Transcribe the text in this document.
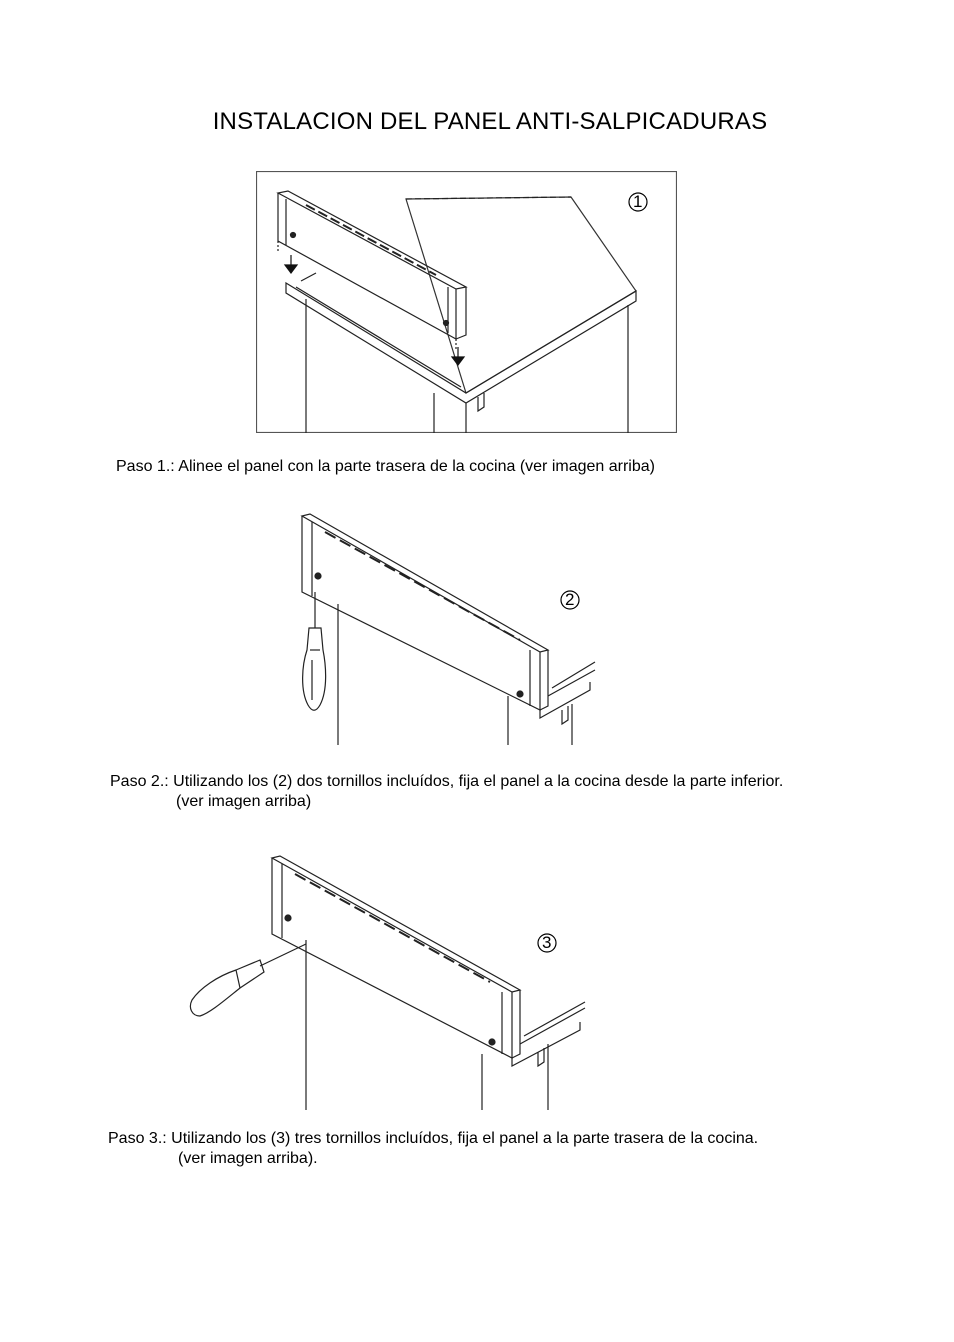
INSTALACION DEL PANEL ANTI-SALPICADURAS
1
Paso 1.: Alinee el panel con la parte trasera de la cocina (ver imagen arriba)
2
Paso 2.: Utilizando los (2) dos tornillos incluídos, fija el panel a la cocina desde la parte inferior.
(ver imagen arriba)
3
Paso 3.: Utilizando los (3) tres tornillos incluídos, fija el panel a la parte trasera de la cocina.
(ver imagen arriba).
